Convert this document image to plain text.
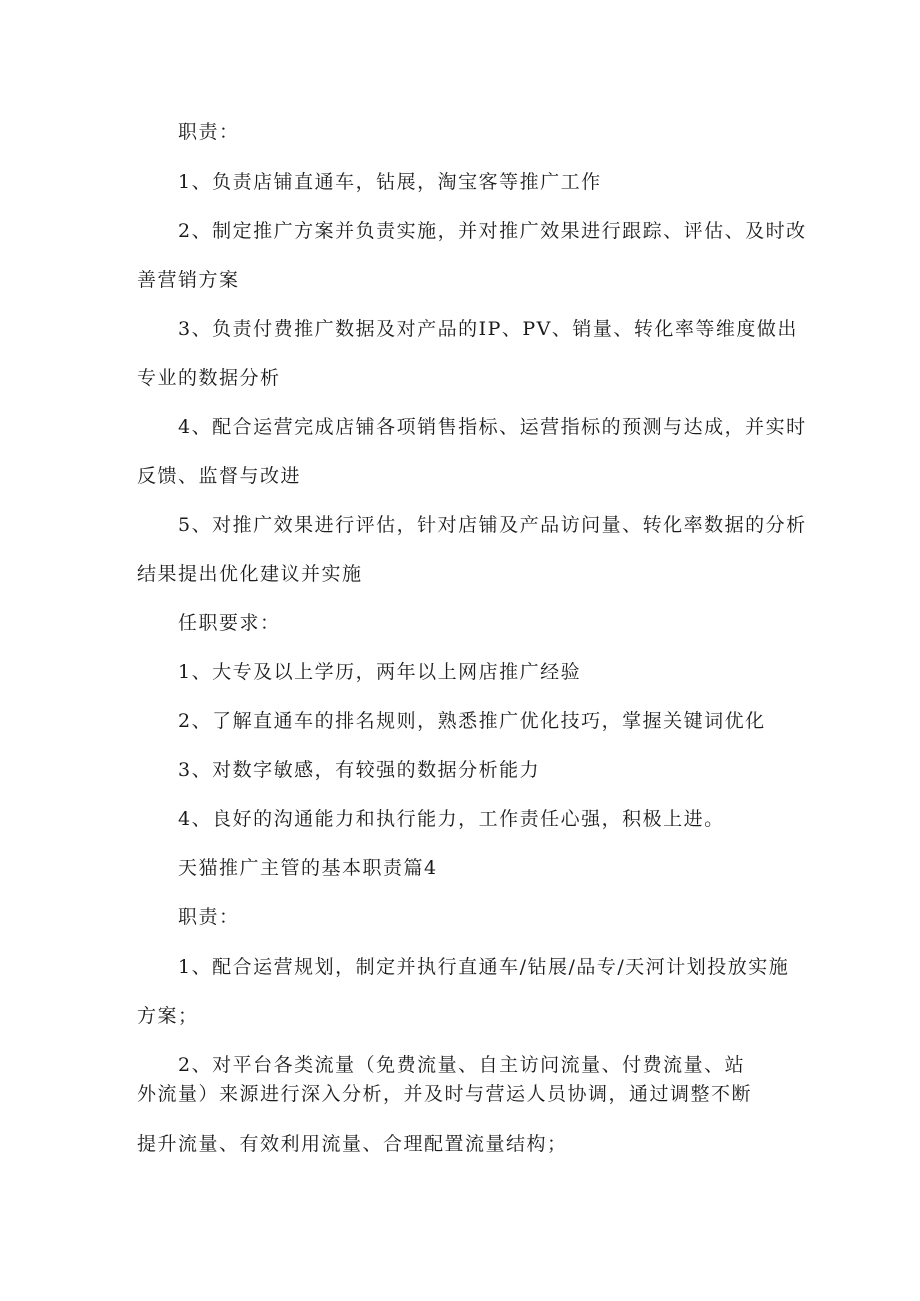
职责：
1、负责店铺直通车，钻展，淘宝客等推广工作
2、制定推广方案并负责实施，并对推广效果进行跟踪、评估、及时改
善营销方案
3、负责付费推广数据及对产品的IP、PV、销量、转化率等维度做出
专业的数据分析
4、配合运营完成店铺各项销售指标、运营指标的预测与达成，并实时
反馈、监督与改进
5、对推广效果进行评估，针对店铺及产品访问量、转化率数据的分析
结果提出优化建议并实施
任职要求：
1、大专及以上学历，两年以上网店推广经验
2、了解直通车的排名规则，熟悉推广优化技巧，掌握关键词优化
3、对数字敏感，有较强的数据分析能力
4、良好的沟通能力和执行能力，工作责任心强，积极上进。
天猫推广主管的基本职责篇4
职责：
1、配合运营规划，制定并执行直通车/钻展/品专/天河计划投放实施
方案；
2、对平台各类流量（免费流量、自主访问流量、付费流量、站
外流量）来源进行深入分析，并及时与营运人员协调，通过调整不断
提升流量、有效利用流量、合理配置流量结构；
